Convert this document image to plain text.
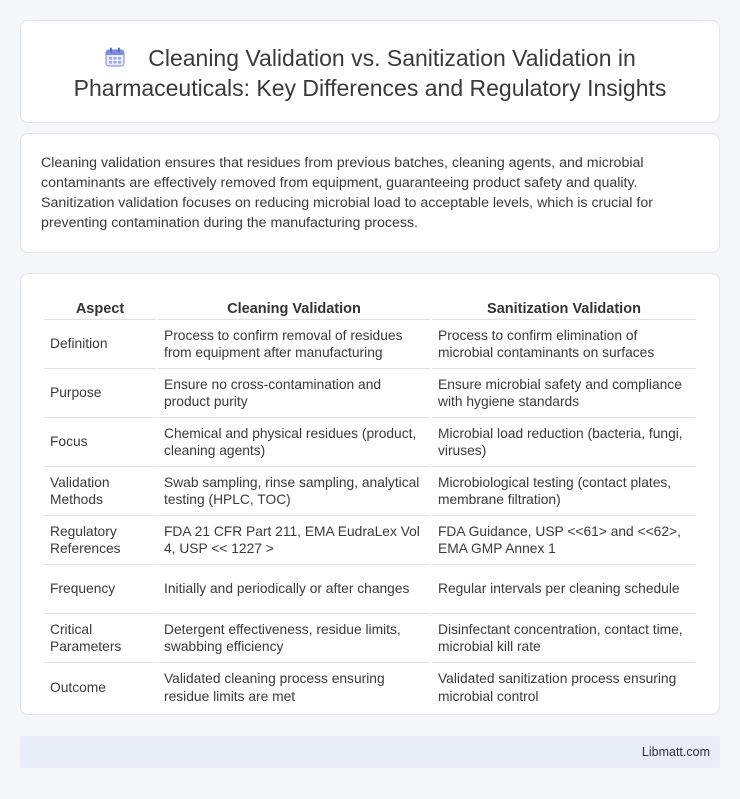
Cleaning Validation vs. Sanitization Validation in Pharmaceuticals: Key Differences and Regulatory Insights

Cleaning validation ensures that residues from previous batches, cleaning agents, and microbial contaminants are effectively removed from equipment, guaranteeing product safety and quality. Sanitization validation focuses on reducing microbial load to acceptable levels, which is crucial for preventing contamination during the manufacturing process.

Aspect	Cleaning Validation	Sanitization Validation
Definition	Process to confirm removal of residues from equipment after manufacturing	Process to confirm elimination of microbial contaminants on surfaces
Purpose	Ensure no cross-contamination and product purity	Ensure microbial safety and compliance with hygiene standards
Focus	Chemical and physical residues (product, cleaning agents)	Microbial load reduction (bacteria, fungi, viruses)
Validation Methods	Swab sampling, rinse sampling, analytical testing (HPLC, TOC)	Microbiological testing (contact plates, membrane filtration)
Regulatory References	FDA 21 CFR Part 211, EMA EudraLex Vol 4, USP << 1227 >	FDA Guidance, USP <<61> and <<62>, EMA GMP Annex 1
Frequency	Initially and periodically or after changes	Regular intervals per cleaning schedule
Critical Parameters	Detergent effectiveness, residue limits, swabbing efficiency	Disinfectant concentration, contact time, microbial kill rate
Outcome	Validated cleaning process ensuring residue limits are met	Validated sanitization process ensuring microbial control
Libmatt.com
